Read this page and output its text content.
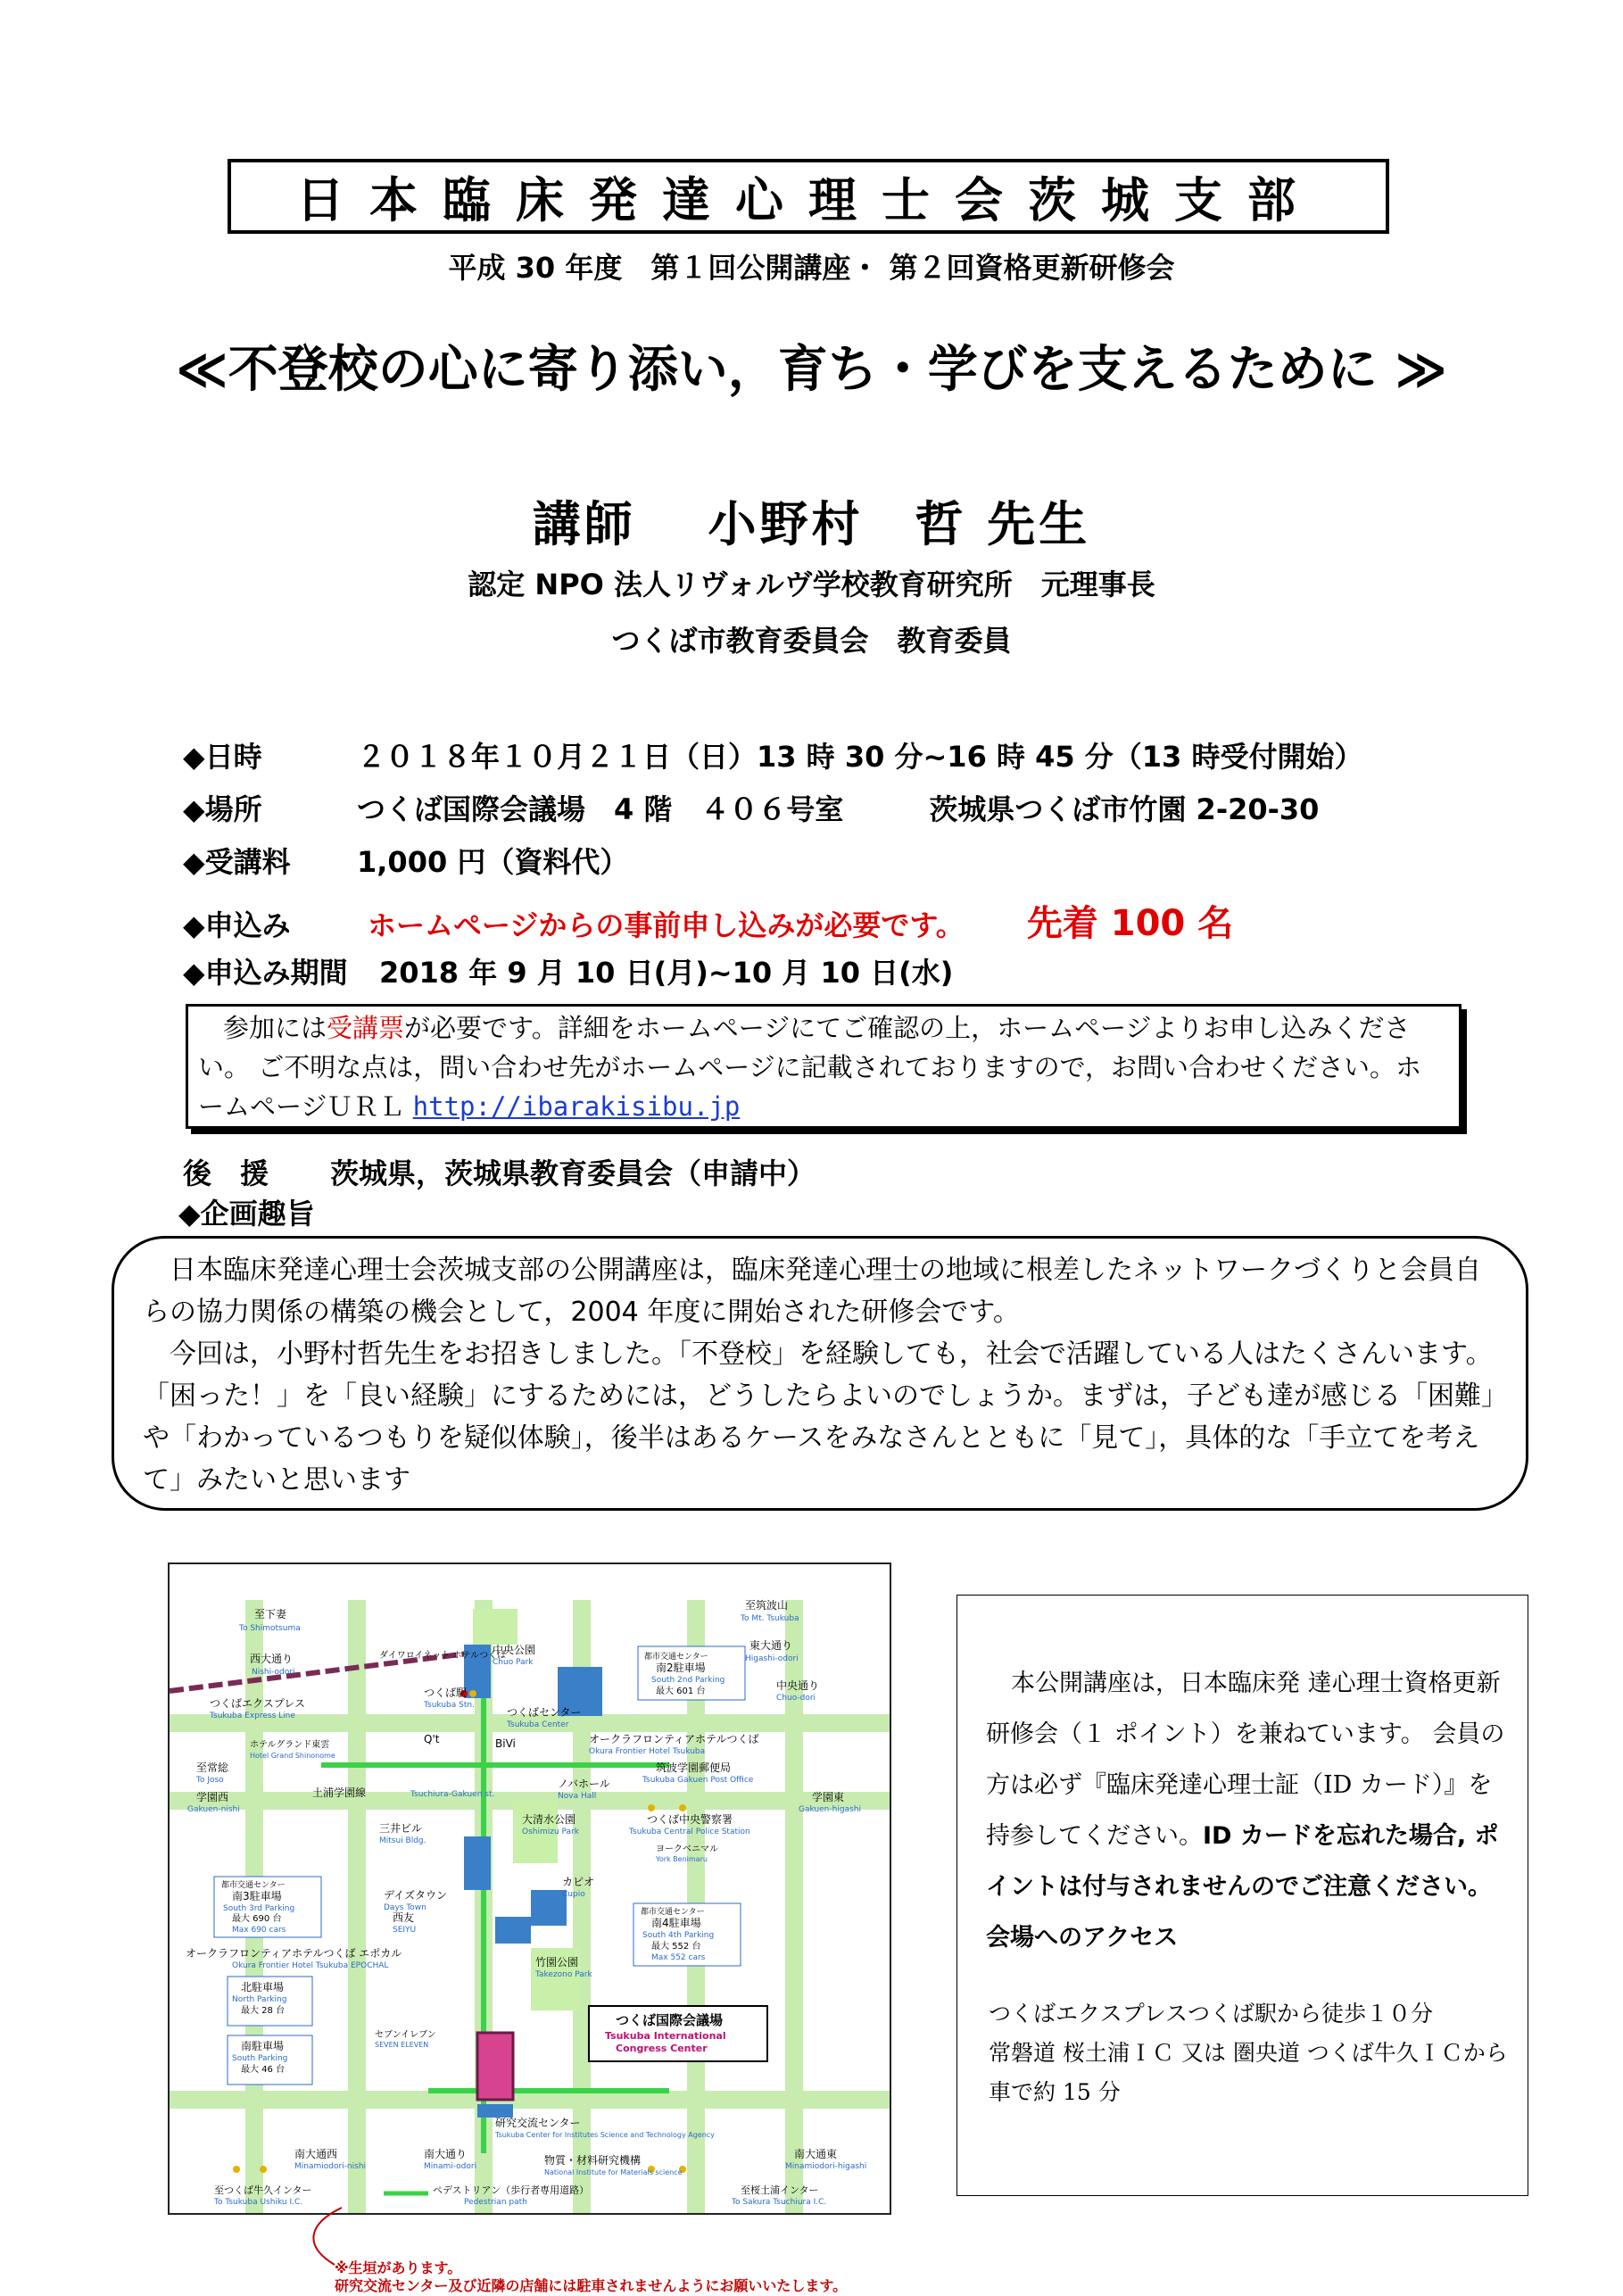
日本臨床発達心理士会茨城支部
平成 30 年度　第１回公開講座・ 第２回資格更新研修会
≪不登校の心に寄り添い，育ち・学びを支えるために ≫
講師　 小野村　哲 先生
認定 NPO 法人リヴォルヴ学校教育研究所　元理事長
つくば市教育委員会　教育委員
◆日時	２０１８年１０月２１日（日）13 時 30 分~16 時 45 分（13 時受付開始）
◆場所	つくば国際会議場　4 階　４０６号室　　　茨城県つくば市竹園 2-20-30
◆受講料 1,000 円（資料代）
◆申込み	ホームページからの事前申し込みが必要です。 先着 100 名
◆申込み期間 2018 年 9 月 10 日(月)~10 月 10 日(水)
参加には受講票が必要です。詳細をホームページにてご確認の上，ホームページよりお申し込みください。 ご不明な点は，問い合わせ先がホームページに記載されておりますので，お問い合わせください。ホームページＵＲＬ http://ibarakisibu.jp
後　援 茨城県，茨城県教育委員会（申請中）
◆企画趣旨
日本臨床発達心理士会茨城支部の公開講座は，臨床発達心理士の地域に根差したネットワークづくりと会員自らの協力関係の構築の機会として，2004 年度に開始された研修会です。
今回は，小野村哲先生をお招きしました。「不登校」を経験しても，社会で活躍している人はたくさんいます。「困った！」を「良い経験」にするためには，どうしたらよいのでしょうか。まずは，子ども達が感じる「困難」や「わかっているつもりを疑似体験」，後半はあるケースをみなさんとともに「見て」，具体的な「手立てを考えて」みたいと思います
至下妻
To Shimotsuma
至筑波山
To Mt. Tsukuba
西大通り
Nishi-odori
東大通り
Higashi-odori
中央公園
Chuo Park
ダイワロイネット ホテルつくば
つくば駅
Tsukuba Stn.
都市交通センター
南2駐車場
South 2nd Parking
最大 601 台	中央通り
Chuo-dori
つくばエクスプレス
Tsukuba Express Line	つくばセンター
Tsukuba Center
オークラフロンティアホテルつくば
Okura Frontier Hotel Tsukuba
Q't	BiVi
ホテルグランド東雲
Hotel Grand Shinonome
至常総
To Joso
筑波学園郵便局
Tsukuba Gakuen Post Office
ノバホール
Nova Hall
学園西
Gakuen-nishi
土浦学園線	Tsuchiura-Gakuen st.	学園東
Gakuen-higashi
三井ビル
Mitsui Bldg.
大清水公園
Oshimizu Park
つくば中央警察署
Tsukuba Central Police Station
ヨークベニマル
York Benimaru
都市交通センター
南3駐車場
South 3rd Parking
最大 690 台
Max 690 cars
デイズタウン
Days Town
カピオ
Cupio
西友
SEIYU
都市交通センター
南4駐車場
South 4th Parking
最大 552 台
Max 552 cars
オークラフロンティアホテルつくば エポカル
Okura Frontier Hotel Tsukuba EPOCHAL	竹園公園
Takezono Park
北駐車場
North Parking
最大 28 台
セブンイレブン
SEVEN ELEVEN
つくば国際会議場
Tsukuba International
Congress Center
南駐車場
South Parking
最大 46 台
研究交流センター
Tsukuba Center for Institutes Science and Technology Agency
南大通西
Minamiodori-nishi
南大通り
Minami-odori	物質・材料研究機構
National Institute for Materials science
南大通東
Minamiodori-higashi
至つくば牛久インター
To Tsukuba Ushiku I.C.
ペデストリアン（歩行者専用道路）
Pedestrian path
至桜土浦インター
To Sakura Tsuchiura I.C.
※生垣があります。
研究交流センター及び近隣の店舗には駐車されませんようにお願いいたします。
本公開講座は，日本臨床発 達心理士資格更新研修会（１ ポイント）を兼ねています。 会員の方は必ず『臨床発達心理士証（ID カード）』を持参してください。ID カードを忘れた場合, ポイントは付与されませんのでご注意ください。
会場へのアクセス
つくばエクスプレスつくば駅から徒歩１０分
常磐道 桜土浦ＩＣ 又は 圏央道 つくば牛久ＩＣから車で約 15 分
